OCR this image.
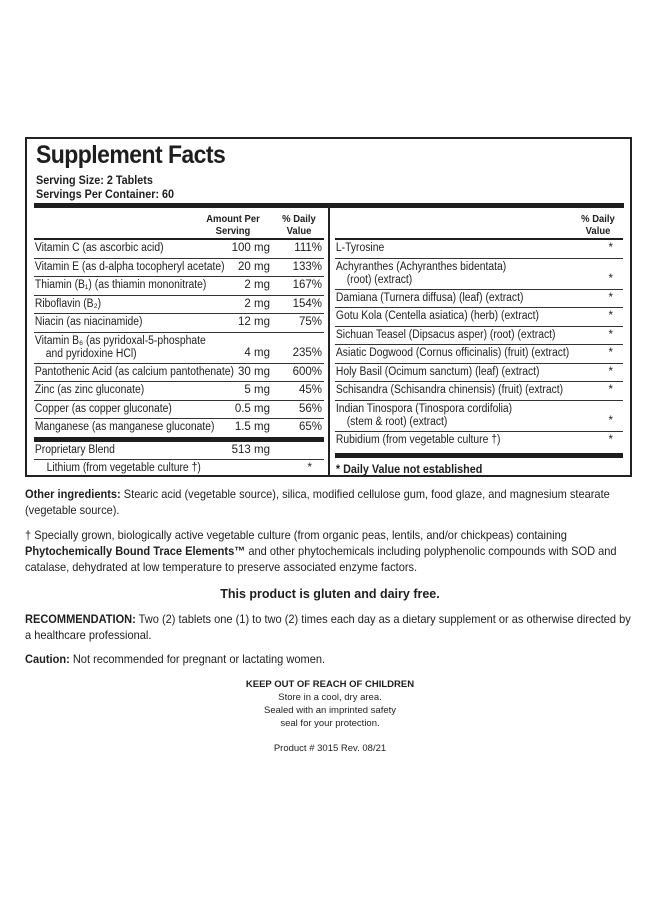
Supplement Facts
Serving Size: 2 Tablets
Servings Per Container: 60
Amount Per
Serving
% Daily
Value
Vitamin C (as ascorbic acid)	100 mg 111%
Vitamin E (as d-alpha tocopheryl acetate)	20 mg 133%
Thiamin (B₁) (as thiamin mononitrate)	2 mg 167%
Riboflavin (B₂)	2 mg 154%
Niacin (as niacinamide)	12 mg	75%
Vitamin B₆ (as pyridoxal-5-phosphate
and pyridoxine HCl)	4 mg 235%
Pantothenic Acid (as calcium pantothenate) 30 mg 600%
Zinc (as zinc gluconate)	5 mg	45%
Copper (as copper gluconate)	0.5 mg	56%
Manganese (as manganese gluconate)	1.5 mg	65%
Proprietary Blend	513 mg
Lithium (from vegetable culture †)	*
% Daily
Value
L-Tyrosine	*
Achyranthes (Achyranthes bidentata)
(root) (extract)	*
Damiana (Turnera diffusa) (leaf) (extract)	*
Gotu Kola (Centella asiatica) (herb) (extract)	*
Sichuan Teasel (Dipsacus asper) (root) (extract)	*
Asiatic Dogwood (Cornus officinalis) (fruit) (extract)	*
Holy Basil (Ocimum sanctum) (leaf) (extract)	*
Schisandra (Schisandra chinensis) (fruit) (extract)	*
Indian Tinospora (Tinospora cordifolia)
(stem & root) (extract)	*
Rubidium (from vegetable culture †)	*
* Daily Value not established
Other ingredients: Stearic acid (vegetable source), silica, modified cellulose gum, food glaze, and magnesium stearate (vegetable source).
† Specially grown, biologically active vegetable culture (from organic peas, lentils, and/or chickpeas) containing Phytochemically Bound Trace Elements™ and other phytochemicals including polyphenolic compounds with SOD and catalase, dehydrated at low temperature to preserve associated enzyme factors.
This product is gluten and dairy free.
RECOMMENDATION: Two (2) tablets one (1) to two (2) times each day as a dietary supplement or as otherwise directed by a healthcare professional.
Caution: Not recommended for pregnant or lactating women.
KEEP OUT OF REACH OF CHILDREN
Store in a cool, dry area.
Sealed with an imprinted safety
seal for your protection.
Product # 3015 Rev. 08/21
